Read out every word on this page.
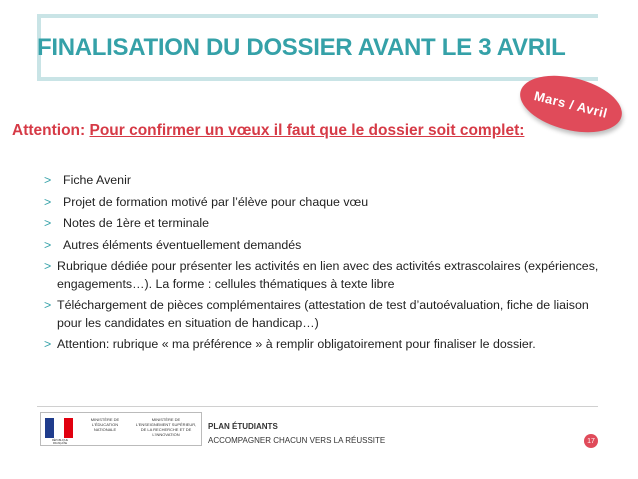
FINALISATION DU DOSSIER AVANT LE 3 AVRIL
Mars / Avril
Attention: Pour confirmer un vœux il faut que le dossier soit complet:
> Fiche Avenir
> Projet de formation motivé par l’élève pour chaque vœu
> Notes de 1ère et terminale
> Autres éléments éventuellement demandés
> Rubrique dédiée pour présenter les activités en lien avec des activités extrascolaires (expériences, engagements…). La forme : cellules thématiques à texte libre
> Téléchargement de pièces complémentaires (attestation de test d’autoévaluation, fiche de liaison pour les candidates en situation de handicap…)
> Attention: rubrique « ma préférence » à remplir obligatoirement pour finaliser le dossier.
RÉPUBLIQUE FRANÇAISE
MINISTÈRE DE L'ÉDUCATION NATIONALE
MINISTÈRE DE L'ENSEIGNEMENT SUPÉRIEUR, DE LA RECHERCHE ET DE L'INNOVATION
PLAN ÉTUDIANTS
ACCOMPAGNER CHACUN VERS LA RÉUSSITE	17
